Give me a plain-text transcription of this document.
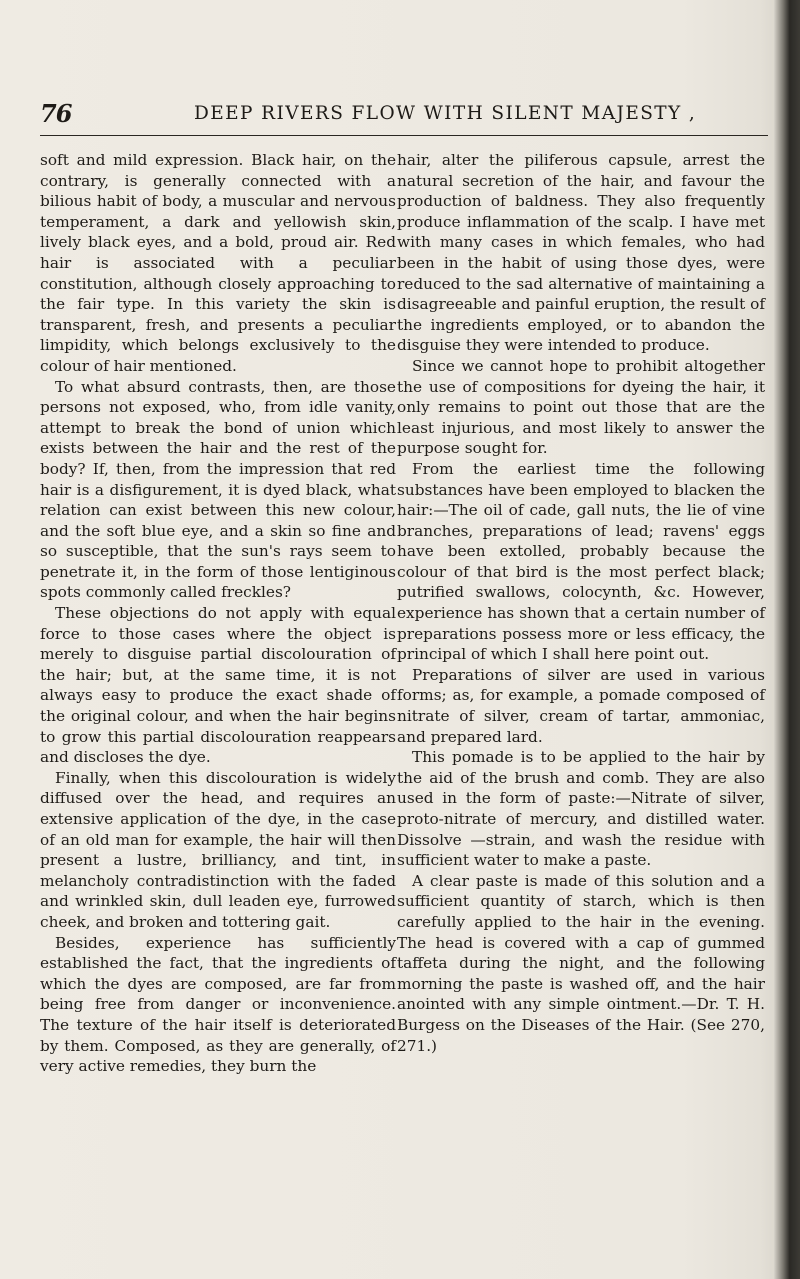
76	DEEP RIVERS FLOW WITH SILENT MAJESTY ,

soft and mild expression. Black hair, on the contrary, is generally connected with a bilious habit of body, a muscular and nervous temperament, a dark and yellowish skin, lively black eyes, and a bold, proud air. Red hair is associated with a peculiar constitution, although closely approaching to the fair type. In this variety the skin is transparent, fresh, and presents a peculiar limpidity, which belongs exclusively to the colour of hair mentioned.

To what absurd contrasts, then, are those persons not exposed, who, from idle vanity, attempt to break the bond of union which exists between the hair and the rest of the body? If, then, from the impression that red hair is a disfigurement, it is dyed black, what relation can exist between this new colour, and the soft blue eye, and a skin so fine and so susceptible, that the sun's rays seem to penetrate it, in the form of those lentiginous spots commonly called freckles?

These objections do not apply with equal force to those cases where the object is merely to disguise partial discolouration of the hair; but, at the same time, it is not always easy to produce the exact shade of the original colour, and when the hair begins to grow this partial discolouration reappears and discloses the dye.

Finally, when this discolouration is widely diffused over the head, and requires an extensive application of the dye, in the case of an old man for example, the hair will then present a lustre, brilliancy, and tint, in melancholy contradistinction with the faded and wrinkled skin, dull leaden eye, furrowed cheek, and broken and tottering gait.

Besides, experience has sufficiently established the fact, that the ingredients of which the dyes are composed, are far from being free from danger or inconvenience. The texture of the hair itself is deteriorated by them. Composed, as they are generally, of very active remedies, they burn the

hair, alter the piliferous capsule, arrest the natural secretion of the hair, and favour the production of baldness. They also frequently produce inflammation of the scalp. I have met with many cases in which females, who had been in the habit of using those dyes, were reduced to the sad alternative of maintaining a disagreeable and painful eruption, the result of the ingredients employed, or to abandon the disguise they were intended to produce.

Since we cannot hope to prohibit altogether the use of compositions for dyeing the hair, it only remains to point out those that are the least injurious, and most likely to answer the purpose sought for.

From the earliest time the following substances have been employed to blacken the hair:—The oil of cade, gall nuts, the lie of vine branches, preparations of lead; ravens' eggs have been extolled, probably because the colour of that bird is the most perfect black; putrified swallows, colocynth, &c. However, experience has shown that a certain number of preparations possess more or less efficacy, the principal of which I shall here point out.

Preparations of silver are used in various forms; as, for example, a pomade composed of nitrate of silver, cream of tartar, ammoniac, and prepared lard.

This pomade is to be applied to the hair by the aid of the brush and comb. They are also used in the form of paste:—Nitrate of silver, proto-nitrate of mercury, and distilled water. Dissolve —strain, and wash the residue with sufficient water to make a paste.

A clear paste is made of this solution and a sufficient quantity of starch, which is then carefully applied to the hair in the evening. The head is covered with a cap of gummed taffeta during the night, and the following morning the paste is washed off, and the hair anointed with any simple ointment.—Dr. T. H. Burgess on the Diseases of the Hair. (See 270, 271.)
